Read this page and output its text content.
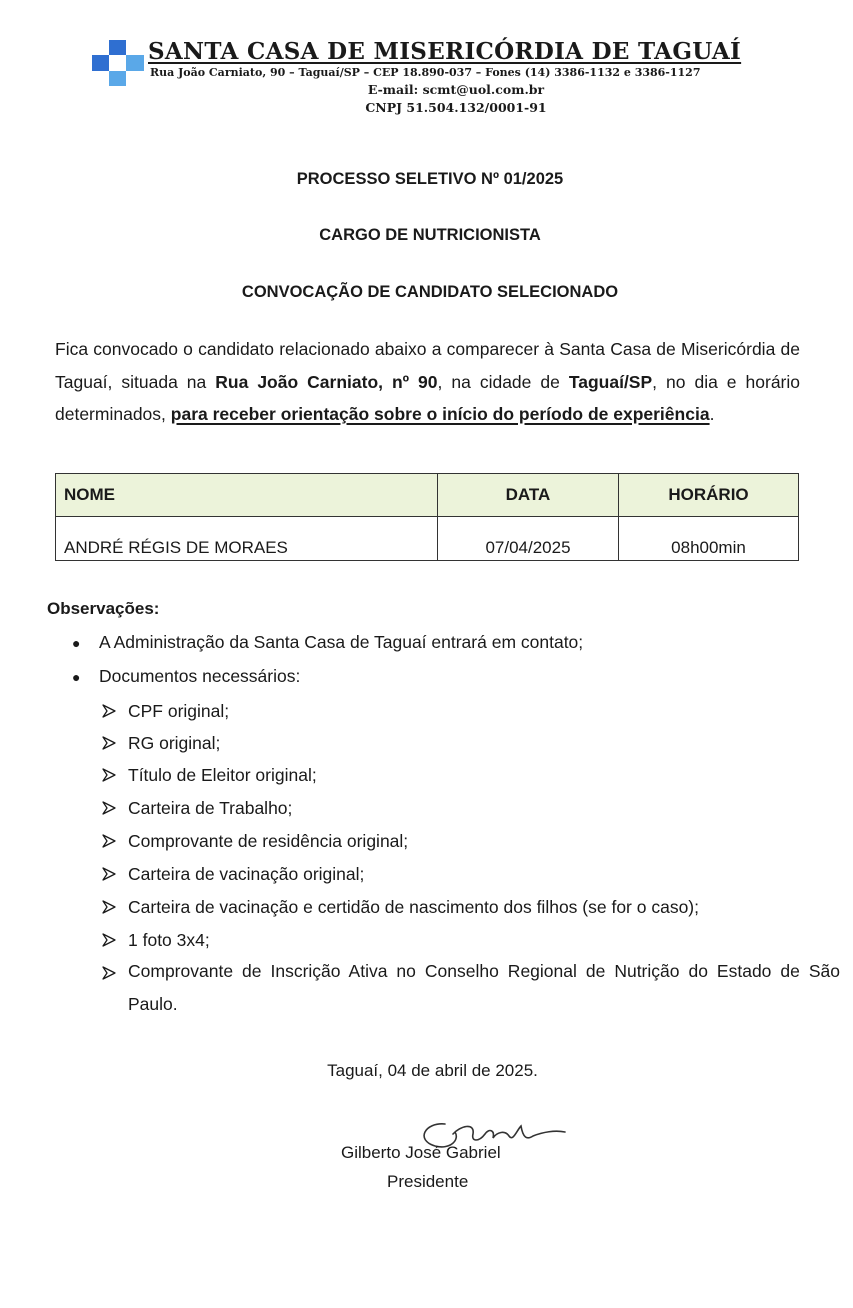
SANTA CASA DE MISERICÓRDIA DE TAGUAÍ
Rua João Carniato, 90 – Taguaí/SP – CEP 18.890-037 – Fones (14) 3386-1132 e 3386-1127
E-mail: scmt@uol.com.br
CNPJ 51.504.132/0001-91
PROCESSO SELETIVO Nº 01/2025
CARGO DE NUTRICIONISTA
CONVOCAÇÃO DE CANDIDATO SELECIONADO
Fica convocado o candidato relacionado abaixo a comparecer à Santa Casa de Misericórdia de Taguaí, situada na Rua João Carniato, nº 90, na cidade de Taguaí/SP, no dia e horário determinados, para receber orientação sobre o início do período de experiência.
NOME	DATA	HORÁRIO
ANDRÉ RÉGIS DE MORAES	07/04/2025	08h00min
Observações:
● A Administração da Santa Casa de Taguaí entrará em contato;
● Documentos necessários:
CPF original;
RG original;
Título de Eleitor original;
Carteira de Trabalho;
Comprovante de residência original;
Carteira de vacinação original;
Carteira de vacinação e certidão de nascimento dos filhos (se for o caso);
1 foto 3x4;
Comprovante de Inscrição Ativa no Conselho Regional de Nutrição do Estado de São Paulo.
Taguaí, 04 de abril de 2025.
Gilberto José Gabriel
Presidente
